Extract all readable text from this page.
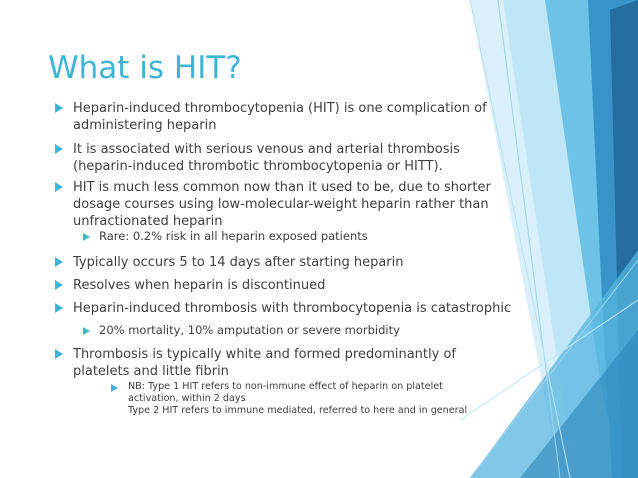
What is HIT?
Heparin-induced thrombocytopenia (HIT) is one complication of
administering heparin
It is associated with serious venous and arterial thrombosis
(heparin-induced thrombotic thrombocytopenia or HITT).
HIT is much less common now than it used to be, due to shorter
dosage courses using low-molecular-weight heparin rather than
unfractionated heparin
Rare: 0.2% risk in all heparin exposed patients
Typically occurs 5 to 14 days after starting heparin
Resolves when heparin is discontinued
Heparin-induced thrombosis with thrombocytopenia is catastrophic
20% mortality, 10% amputation or severe morbidity
Thrombosis is typically white and formed predominantly of
platelets and little fibrin
NB: Type 1 HIT refers to non-immune effect of heparin on platelet
activation, within 2 days
Type 2 HIT refers to immune mediated, referred to here and in general
